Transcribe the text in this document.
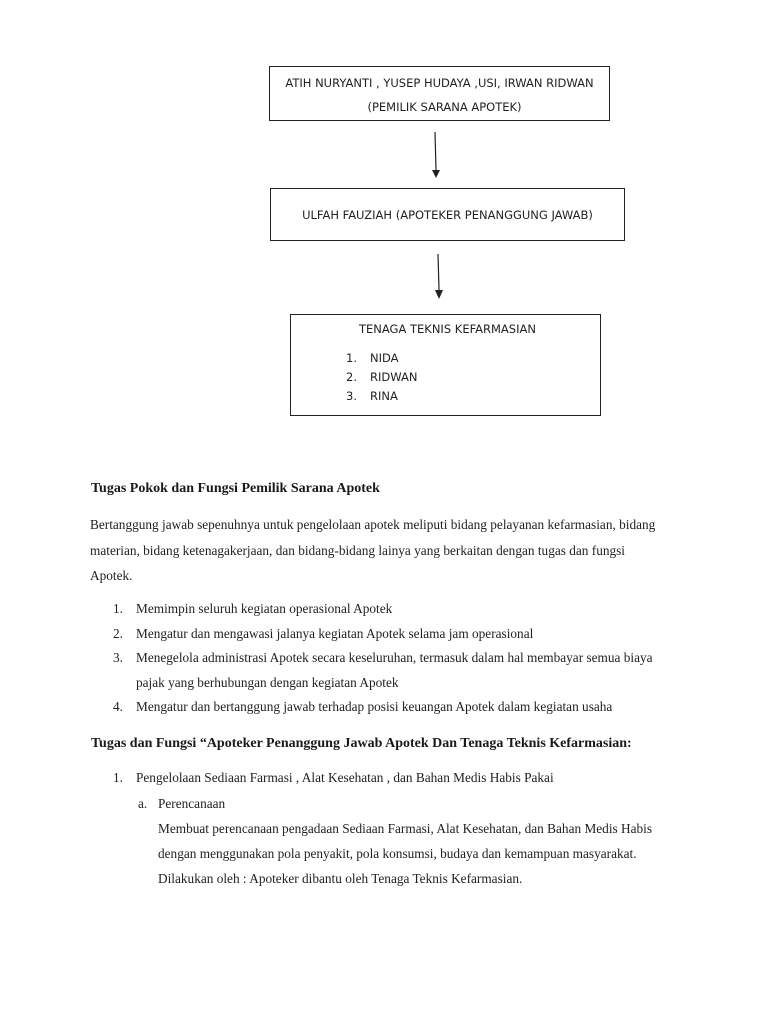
ATIH NURYANTI , YUSEP HUDAYA ,USI, IRWAN RIDWAN
(PEMILIK SARANA APOTEK)
ULFAH FAUZIAH (APOTEKER PENANGGUNG JAWAB)
TENAGA TEKNIS KEFARMASIAN
1. NIDA
2. RIDWAN
3. RINA
Tugas Pokok dan Fungsi Pemilik Sarana Apotek
Bertanggung jawab sepenuhnya untuk pengelolaan apotek meliputi bidang pelayanan kefarmasian, bidang
materian, bidang ketenagakerjaan, dan bidang-bidang lainya yang berkaitan dengan tugas dan fungsi
Apotek.
1. Memimpin seluruh kegiatan operasional Apotek
2. Mengatur dan mengawasi jalanya kegiatan Apotek selama jam operasional
3. Menegelola administrasi Apotek secara keseluruhan, termasuk dalam hal membayar semua biaya
pajak yang berhubungan dengan kegiatan Apotek
4. Mengatur dan bertanggung jawab terhadap posisi keuangan Apotek dalam kegiatan usaha
Tugas dan Fungsi “Apoteker Penanggung Jawab Apotek Dan Tenaga Teknis Kefarmasian:
1. Pengelolaan Sediaan Farmasi , Alat Kesehatan , dan Bahan Medis Habis Pakai
a. Perencanaan
Membuat perencanaan pengadaan Sediaan Farmasi, Alat Kesehatan, dan Bahan Medis Habis
dengan menggunakan pola penyakit, pola konsumsi, budaya dan kemampuan masyarakat.
Dilakukan oleh : Apoteker dibantu oleh Tenaga Teknis Kefarmasian.
